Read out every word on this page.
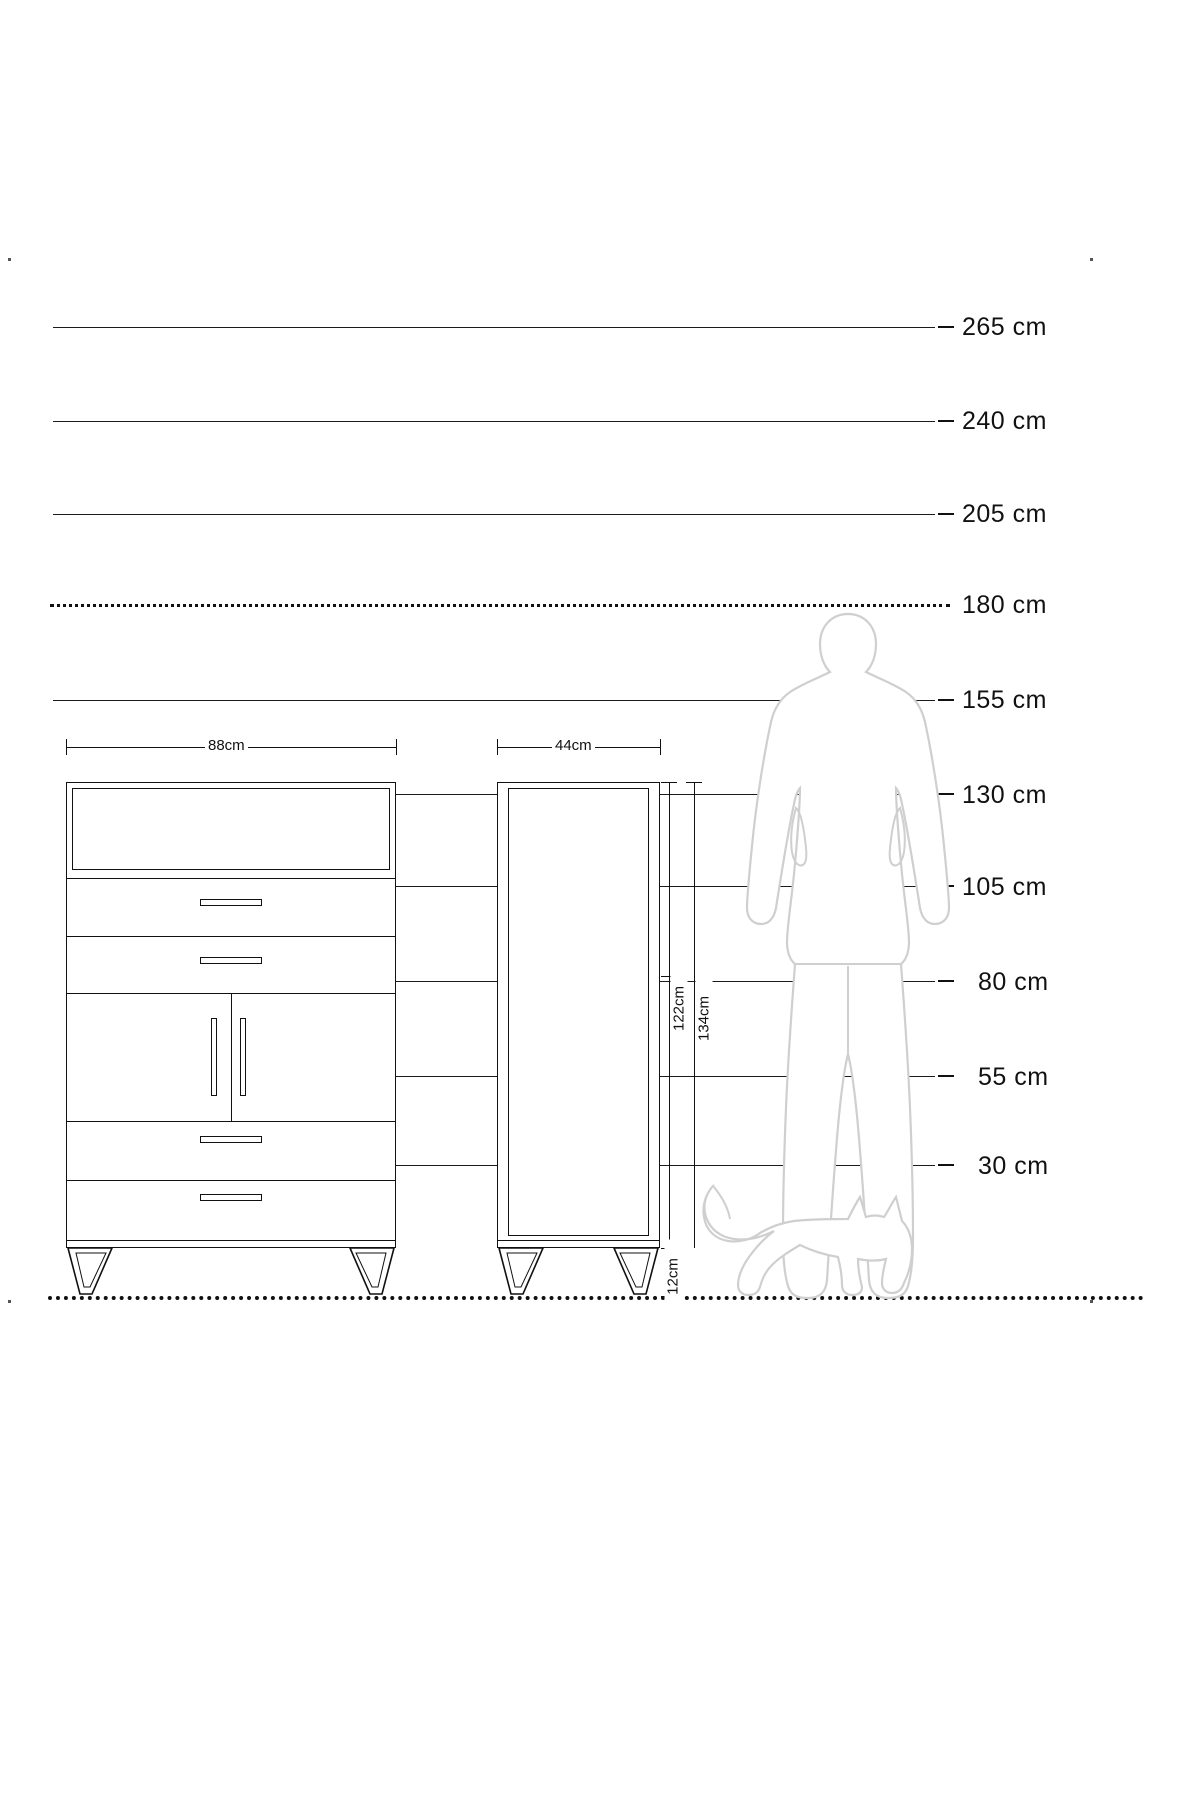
265 cm
240 cm
205 cm
180 cm
155 cm
130 cm
105 cm
80 cm
55 cm
30 cm
88cm	44cm
122cm 134cm
12cm
